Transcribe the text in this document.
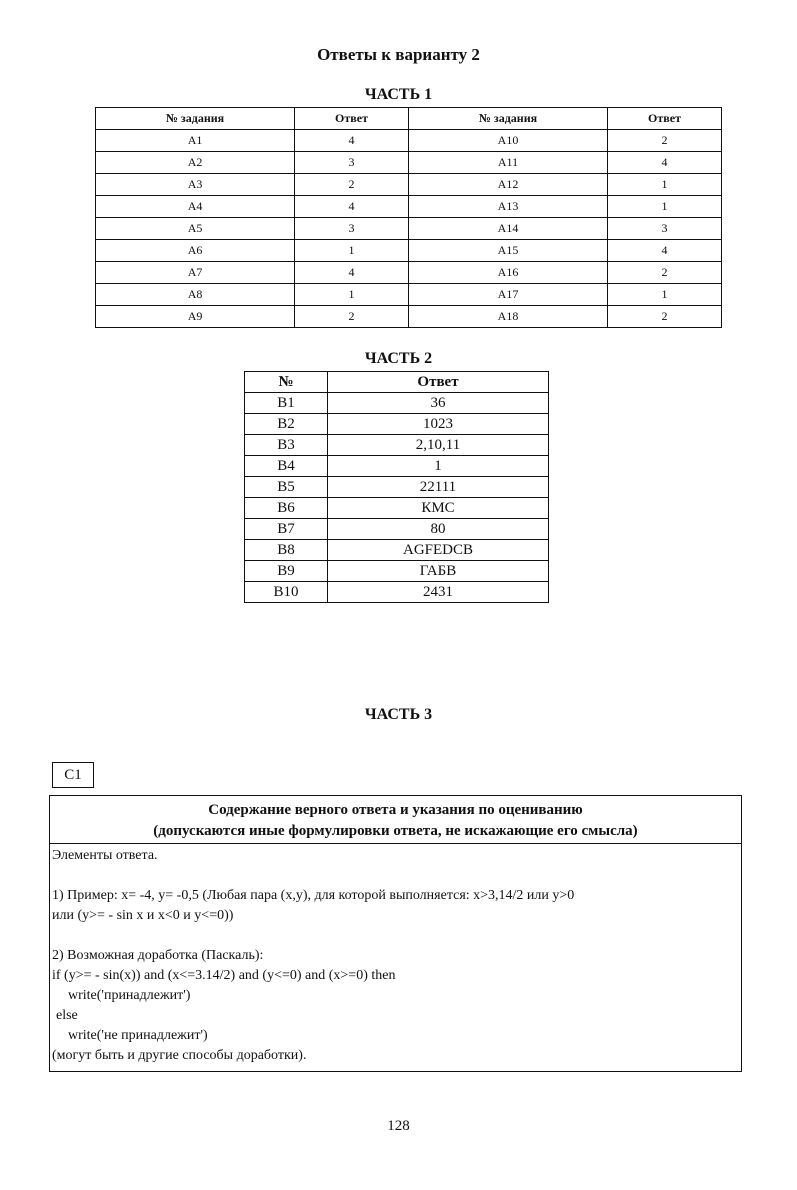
Ответы к варианту 2
ЧАСТЬ 1
№ задания	Ответ	№ задания	Ответ
A1	4	A10	2
A2	3	A11	4
A3	2	A12	1
A4	4	A13	1
A5	3	A14	3
A6	1	A15	4
A7	4	A16	2
A8	1	A17	1
A9	2	A18	2
ЧАСТЬ 2
№	Ответ
B1	36
B2	1023
B3	2,10,11
B4	1
B5	22111
B6	КМС
B7	80
B8	AGFEDCB
B9	ГАБВ
B10	2431
ЧАСТЬ 3
C1
Содержание верного ответа и указания по оцениванию
(допускаются иные формулировки ответа, не искажающие его смысла)

Элементы ответа.

1) Пример: x= -4, y= -0,5 (Любая пара (x,y), для которой выполняется: x>3,14/2 или y>0

или (y>= - sin x и x<0 и y<=0))

2) Возможная доработка (Паскаль):

if (y>= - sin(x)) and (x<=3.14/2) and (y<=0) and (x>=0) then

write('принадлежит')

else

write('не принадлежит')

(могут быть и другие способы доработки).

128
